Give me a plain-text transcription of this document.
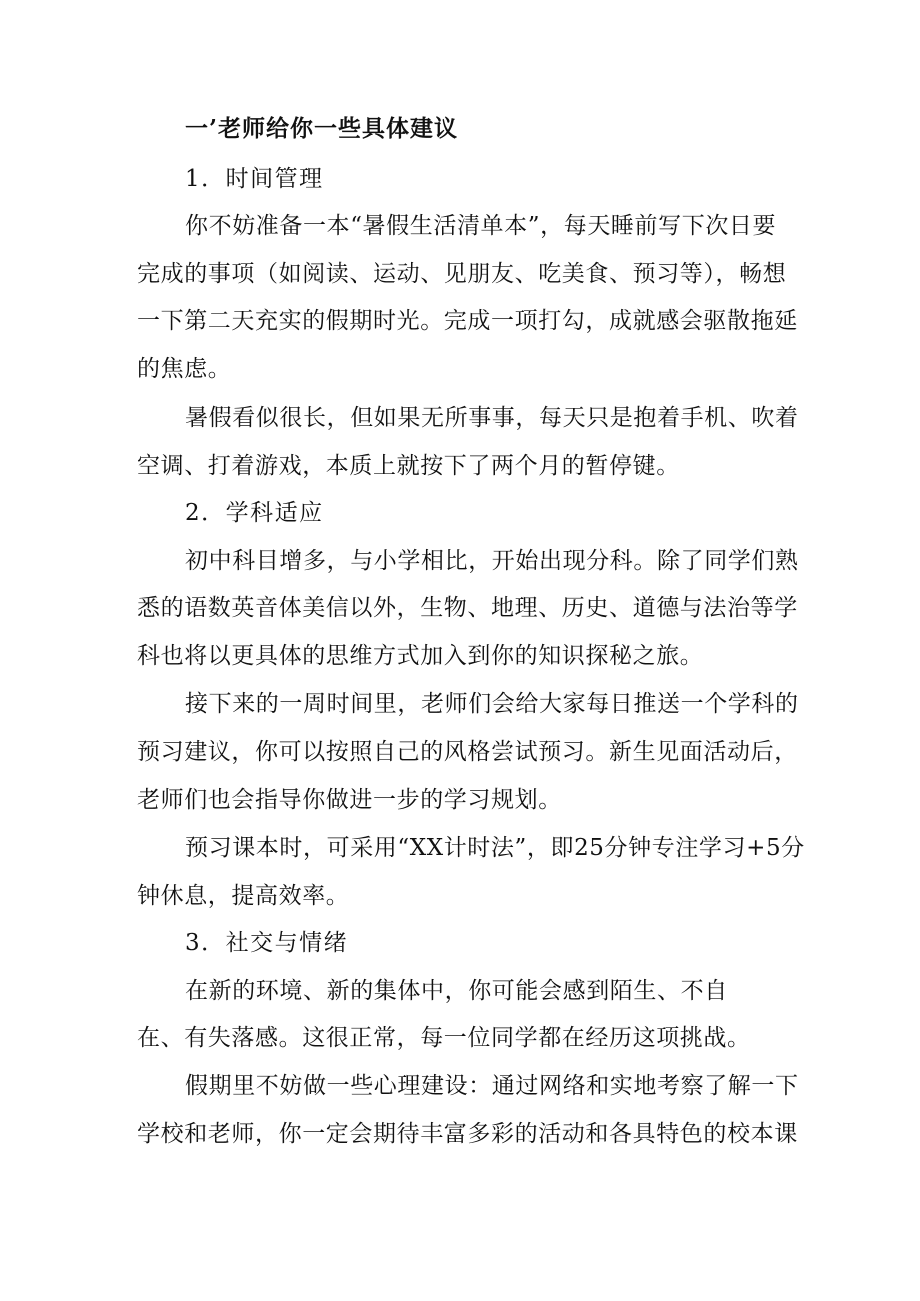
一’老师给你一些具体建议
1．时间管理
你不妨准备一本“暑假生活清单本”，每天睡前写下次日要
完成的事项（如阅读、运动、见朋友、吃美食、预习等），畅想
一下第二天充实的假期时光。完成一项打勾，成就感会驱散拖延
的焦虑。
暑假看似很长，但如果无所事事，每天只是抱着手机、吹着
空调、打着游戏，本质上就按下了两个月的暂停键。
2．学科适应
初中科目增多，与小学相比，开始出现分科。除了同学们熟
悉的语数英音体美信以外，生物、地理、历史、道德与法治等学
科也将以更具体的思维方式加入到你的知识探秘之旅。
接下来的一周时间里，老师们会给大家每日推送一个学科的
预习建议，你可以按照自己的风格尝试预习。新生见面活动后，
老师们也会指导你做进一步的学习规划。
预习课本时，可采用“XX计时法”，即25分钟专注学习+5分
钟休息，提高效率。
3．社交与情绪
在新的环境、新的集体中，你可能会感到陌生、不自
在、有失落感。这很正常，每一位同学都在经历这项挑战。
假期里不妨做一些心理建设：通过网络和实地考察了解一下
学校和老师，你一定会期待丰富多彩的活动和各具特色的校本课
